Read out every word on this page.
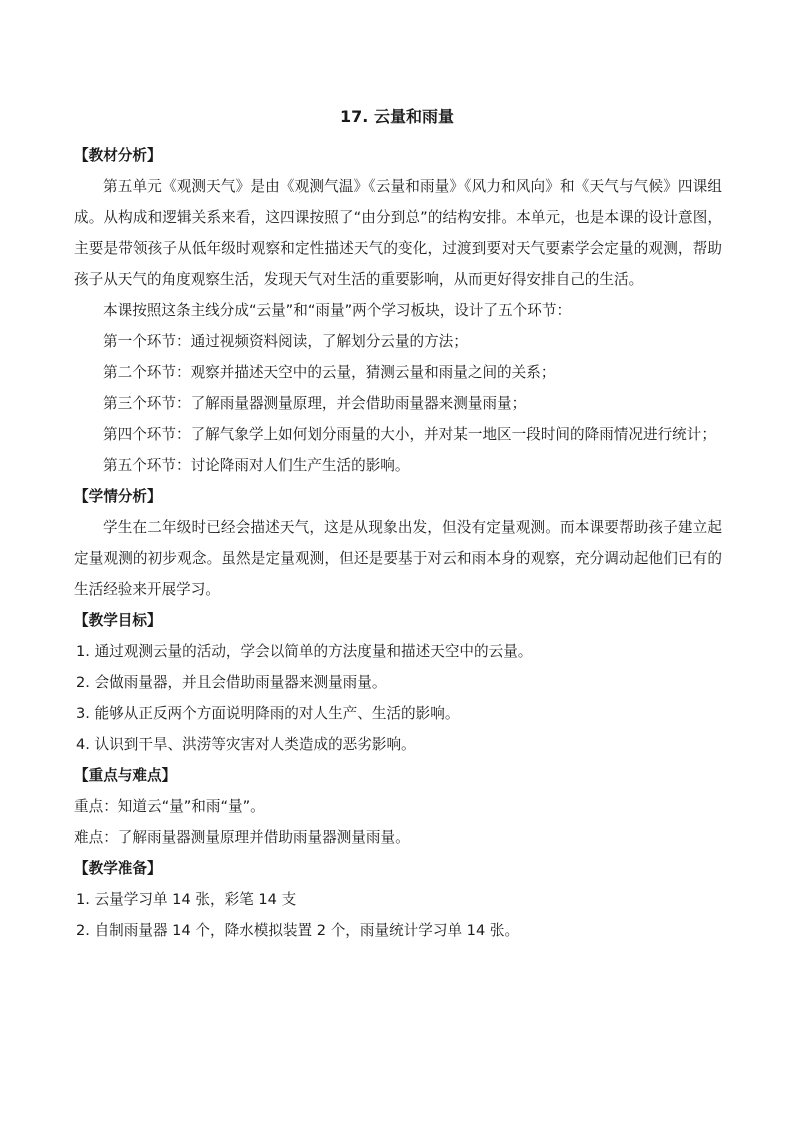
17. 云量和雨量
【教材分析】
第五单元《观测天气》是由《观测气温》《云量和雨量》《风力和风向》和《天气与气候》四课组成。从构成和逻辑关系来看，这四课按照了“由分到总”的结构安排。本单元，也是本课的设计意图，主要是带领孩子从低年级时观察和定性描述天气的变化，过渡到要对天气要素学会定量的观测，帮助孩子从天气的角度观察生活，发现天气对生活的重要影响，从而更好得安排自己的生活。
本课按照这条主线分成“云量”和“雨量”两个学习板块，设计了五个环节：
第一个环节：通过视频资料阅读，了解划分云量的方法；
第二个环节：观察并描述天空中的云量，猜测云量和雨量之间的关系；
第三个环节：了解雨量器测量原理，并会借助雨量器来测量雨量；
第四个环节：了解气象学上如何划分雨量的大小，并对某一地区一段时间的降雨情况进行统计；
第五个环节：讨论降雨对人们生产生活的影响。
【学情分析】
学生在二年级时已经会描述天气，这是从现象出发，但没有定量观测。而本课要帮助孩子建立起定量观测的初步观念。虽然是定量观测，但还是要基于对云和雨本身的观察，充分调动起他们已有的生活经验来开展学习。
【教学目标】
1. 通过观测云量的活动，学会以简单的方法度量和描述天空中的云量。
2. 会做雨量器，并且会借助雨量器来测量雨量。
3. 能够从正反两个方面说明降雨的对人生产、生活的影响。
4. 认识到干旱、洪涝等灾害对人类造成的恶劣影响。
【重点与难点】
重点：知道云“量”和雨“量”。
难点：了解雨量器测量原理并借助雨量器测量雨量。
【教学准备】
1. 云量学习单 14 张，彩笔 14 支
2. 自制雨量器 14 个，降水模拟装置 2 个，雨量统计学习单 14 张。
